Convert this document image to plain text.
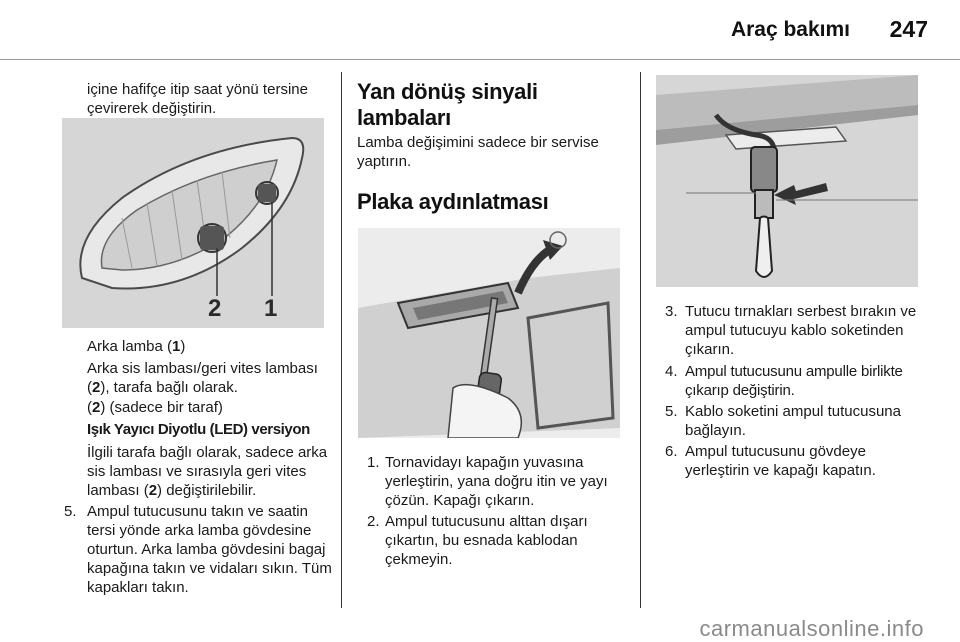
Araç bakımı 247

içine hafifçe itip saat yönü tersine çevirerek değiştirin.

2 1

Arka lamba (1)

Arka sis lambası/geri vites lambası (2), tarafa bağlı olarak.

(2) (sadece bir taraf)

Işık Yayıcı Diyotlu (LED) versiyon

İlgili tarafa bağlı olarak, sadece arka sis lambası ve sırasıyla geri vites lambası (2) değiştirilebilir.

5. Ampul tutucusunu takın ve saatin tersi yönde arka lamba gövdesine oturtun. Arka lamba gövdesini bagaj kapağına takın ve vidaları sıkın. Tüm kapakları takın.

Yan dönüş sinyali lambaları

Lamba değişimini sadece bir servise yaptırın.

Plaka aydınlatması
1. Tornavidayı kapağın yuvasına yerleştirin, yana doğru itin ve yayı çözün. Kapağı çıkarın.

2. Ampul tutucusunu alttan dışarı çıkartın, bu esnada kablodan çekmeyin.

3. Tutucu tırnakları serbest bırakın ve ampul tutucuyu kablo soketinden çıkarın.

4. Ampul tutucusunu ampulle birlikte çıkarıp değiştirin.

5. Kablo soketini ampul tutucusuna bağlayın.

6. Ampul tutucusunu gövdeye yerleştirin ve kapağı kapatın.

carmanualsonline.info
